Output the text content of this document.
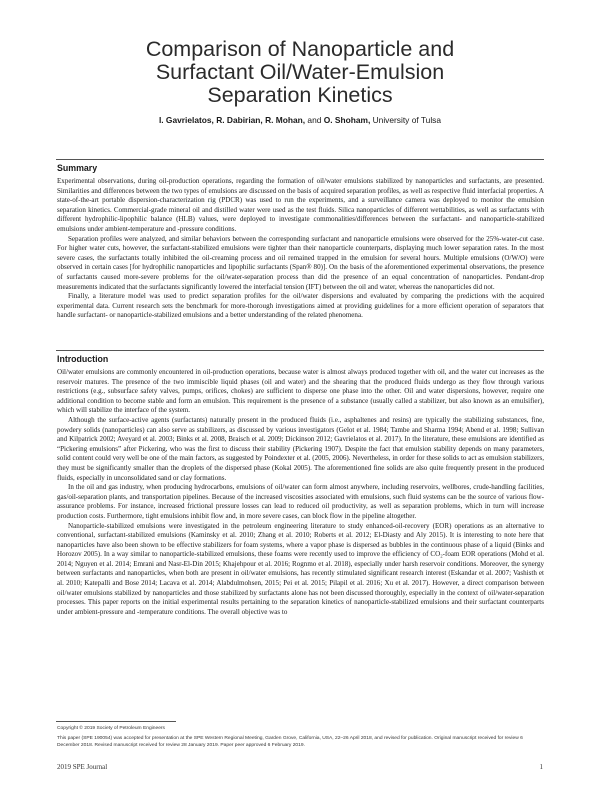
Comparison of Nanoparticle and
Surfactant Oil/Water-Emulsion
Separation Kinetics
I. Gavrielatos, R. Dabirian, R. Mohan, and O. Shoham, University of Tulsa
Summary

Experimental observations, during oil-production operations, regarding the formation of oil/water emulsions stabilized by nanoparticles and surfactants, are presented. Similarities and differences between the two types of emulsions are discussed on the basis of acquired separation profiles, as well as respective fluid interfacial properties. A state-of-the-art portable dispersion-characterization rig (PDCR) was used to run the experiments, and a surveillance camera was deployed to monitor the emulsion separation kinetics. Commercial-grade mineral oil and distilled water were used as the test fluids. Silica nanoparticles of different wettabilities, as well as surfactants with different hydrophilic-lipophilic balance (HLB) values, were deployed to investigate commonalities/differences between the surfactant- and nanoparticle-stabilized emulsions under ambient-temperature and -pressure conditions.

Separation profiles were analyzed, and similar behaviors between the corresponding surfactant and nanoparticle emulsions were observed for the 25%-water-cut case. For higher water cuts, however, the surfactant-stabilized emulsions were tighter than their nanoparticle counterparts, displaying much lower separation rates. In the most severe cases, the surfactants totally inhibited the oil-creaming process and oil remained trapped in the emulsion for several hours. Multiple emulsions (O/W/O) were observed in certain cases [for hydrophilic nanoparticles and lipophilic surfactants (Span® 80)]. On the basis of the aforementioned experimental observations, the presence of surfactants caused more-severe problems for the oil/water-separation process than did the presence of an equal concentration of nanoparticles. Pendant-drop measurements indicated that the surfactants significantly lowered the interfacial tension (IFT) between the oil and water, whereas the nanoparticles did not.

Finally, a literature model was used to predict separation profiles for the oil/water dispersions and evaluated by comparing the predictions with the acquired experimental data. Current research sets the benchmark for more-thorough investigations aimed at providing guidelines for a more efficient operation of separators that handle surfactant- or nanoparticle-stabilized emulsions and a better understanding of the related phenomena.

Introduction

Oil/water emulsions are commonly encountered in oil-production operations, because water is almost always produced together with oil, and the water cut increases as the reservoir matures. The presence of the two immiscible liquid phases (oil and water) and the shearing that the produced fluids undergo as they flow through various restrictions (e.g., subsurface safety valves, pumps, orifices, chokes) are sufficient to disperse one phase into the other. Oil and water dispersions, however, require one additional condition to become stable and form an emulsion. This requirement is the presence of a substance (usually called a stabilizer, but also known as an emulsifier), which will stabilize the interface of the system.

Although the surface-active agents (surfactants) naturally present in the produced fluids (i.e., asphaltenes and resins) are typically the stabilizing substances, fine, powdery solids (nanoparticles) can also serve as stabilizers, as discussed by various investigators (Gelot et al. 1984; Tambe and Sharma 1994; Abend et al. 1998; Sullivan and Kilpatrick 2002; Aveyard et al. 2003; Binks et al. 2008, Braisch et al. 2009; Dickinson 2012; Gavrielatos et al. 2017). In the literature, these emulsions are identified as “Pickering emulsions” after Pickering, who was the first to discuss their stability (Pickering 1907). Despite the fact that emulsion stability depends on many parameters, solid content could very well be one of the main factors, as suggested by Poindexter et al. (2005, 2006). Nevertheless, in order for these solids to act as emulsion stabilizers, they must be significantly smaller than the droplets of the dispersed phase (Kokal 2005). The aforementioned fine solids are also quite frequently present in the produced fluids, especially in unconsolidated sand or clay formations.

In the oil and gas industry, when producing hydrocarbons, emulsions of oil/water can form almost anywhere, including reservoirs, wellbores, crude-handling facilities, gas/oil-separation plants, and transportation pipelines. Because of the increased viscosities associated with emulsions, such fluid systems can be the source of various flow-assurance problems. For instance, increased frictional pressure losses can lead to reduced oil productivity, as well as separation problems, which in turn will increase production costs. Furthermore, tight emulsions inhibit flow and, in more severe cases, can block flow in the pipeline altogether.

Nanoparticle-stabilized emulsions were investigated in the petroleum engineering literature to study enhanced-oil-recovery (EOR) operations as an alternative to conventional, surfactant-stabilized emulsions (Kaminsky et al. 2010; Zhang et al. 2010; Roberts et al. 2012; El-Diasty and Aly 2015). It is interesting to note here that nanoparticles have also been shown to be effective stabilizers for foam systems, where a vapor phase is dispersed as bubbles in the continuous phase of a liquid (Binks and Horozov 2005). In a way similar to nanoparticle-stabilized emulsions, these foams were recently used to improve the efficiency of CO₂-foam EOR operations (Mohd et al. 2014; Nguyen et al. 2014; Emrani and Nasr-El-Din 2015; Khajehpour et al. 2016; Rognmo et al. 2018), especially under harsh reservoir conditions. Moreover, the synergy between surfactants and nanoparticles, when both are present in oil/water emulsions, has recently stimulated significant research interest (Eskandar et al. 2007; Vashisth et al. 2010; Katepalli and Bose 2014; Lacava et al. 2014; Alabdulmohsen, 2015; Pei et al. 2015; Pilapil et al. 2016; Xu et al. 2017). However, a direct comparison between oil/water emulsions stabilized by nanoparticles and those stabilized by surfactants alone has not been discussed thoroughly, especially in the context of oil/water-separation processes. This paper reports on the initial experimental results pertaining to the separation kinetics of nanoparticle-stabilized emulsions and their surfactant counterparts under ambient-pressure and -temperature conditions. The overall objective was to

Copyright © 2019 Society of Petroleum Engineers

This paper (SPE 190054) was accepted for presentation at the SPE Western Regional Meeting, Garden Grove, California, USA, 22–26 April 2018, and revised for publication. Original manuscript received for review 6 December 2018. Revised manuscript received for review 28 January 2019. Paper peer approved 6 February 2019.

2019 SPE Journal	1
